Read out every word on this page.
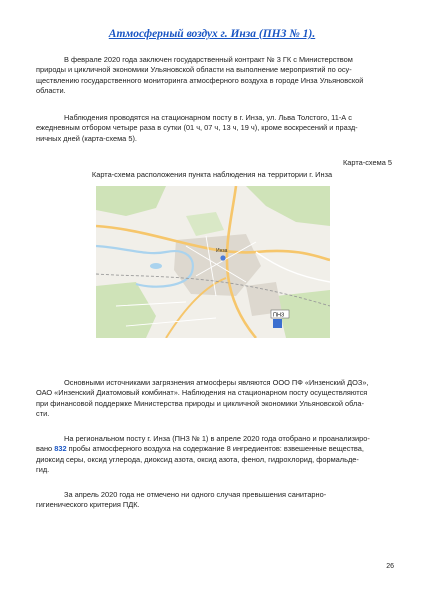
Атмосферный воздух г. Инза (ПНЗ № 1).

В феврале 2020 года заключен государственный контракт № 3 ГК с Министерством
природы и цикличной экономики Ульяновской области на выполнение мероприятий по осу-
ществлению государственного мониторинга атмосферного воздуха в городе Инза Ульяновской
области.

Наблюдения проводятся на стационарном посту в г. Инза, ул. Льва Толстого, 11-А с
ежедневным отбором четыре раза в сутки (01 ч, 07 ч, 13 ч, 19 ч), кроме воскресений и празд-
ничных дней (карта-схема 5).

Карта-схема 5
Карта-схема расположения пункта наблюдения на территории г. Инза
Инза
ПНЗ

Основными источниками загрязнения атмосферы являются ООО ПФ «Инзенский ДОЗ»,
ОАО «Инзенский Диатомовый комбинат». Наблюдения на стационарном посту осуществляются
при финансовой поддержке Министерства природы и цикличной экономики Ульяновской обла-
сти.

На региональном посту г. Инза (ПНЗ № 1) в апреле 2020 года отобрано и проанализиро-
вано 832 пробы атмосферного воздуха на содержание 8 ингредиентов: взвешенные вещества,
диоксид серы, оксид углерода, диоксид азота, оксид азота, фенол, гидрохлорид, формальде-
гид.

За апрель 2020 года не отмечено ни одного случая превышения санитарно-
гигиенического критерия ПДК.

26
